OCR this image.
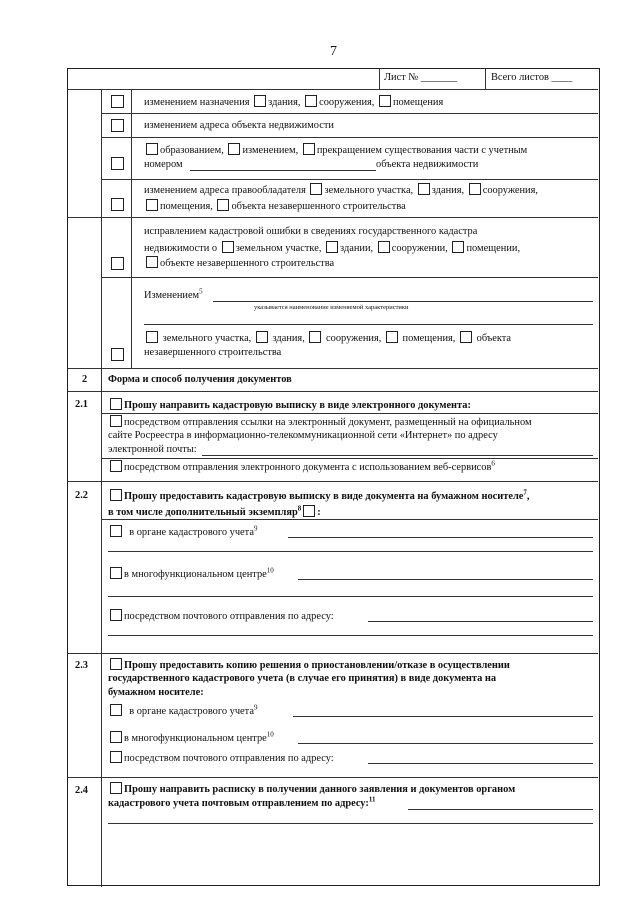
7
Лист № _______	Всего листов ____
изменением назначения здания, сооружения, помещения
изменением адреса объекта недвижимости
образованием, изменением, прекращением существования части с учетным
номером	объекта недвижимости
изменением адреса правообладателя земельного участка, здания, сооружения,
помещения, объекта незавершенного строительства
исправлением кадастровой ошибки в сведениях государственного кадастра
недвижимости о земельном участке, здании, сооружении, помещении,
объекте незавершенного строительства
Изменением$^5$
указывается наименование изменяемой характеристики
земельного участка, здания, сооружения, помещения, объекта
незавершенного строительства
2 Форма и способ получения документов
2.1	Прошу направить кадастровую выписку в виде электронного документа:
посредством отправления ссылки на электронный документ, размещенный на официальном
сайте Росреестра в информационно-телекоммуникационной сети «Интернет» по адресу
электронной почты:
посредством отправления электронного документа с использованием веб-сервисов$^6$
2.2	Прошу предоставить кадастровую выписку в виде документа на бумажном носителе$^7$,
в том числе дополнительный экземпляр$^8$ :
в органе кадастрового учета$^9$
в многофункциональном центре$^{10}$
посредством почтового отправления по адресу:
2.3	Прошу предоставить копию решения о приостановлении/отказе в осуществлении
государственного кадастрового учета (в случае его принятия) в виде документа на
бумажном носителе:
в органе кадастрового учета$^9$
в многофункциональном центре$^{10}$
посредством почтового отправления по адресу:
2.4	Прошу направить расписку в получении данного заявления и документов органом
кадастрового учета почтовым отправлением по адресу:$^{11}$
